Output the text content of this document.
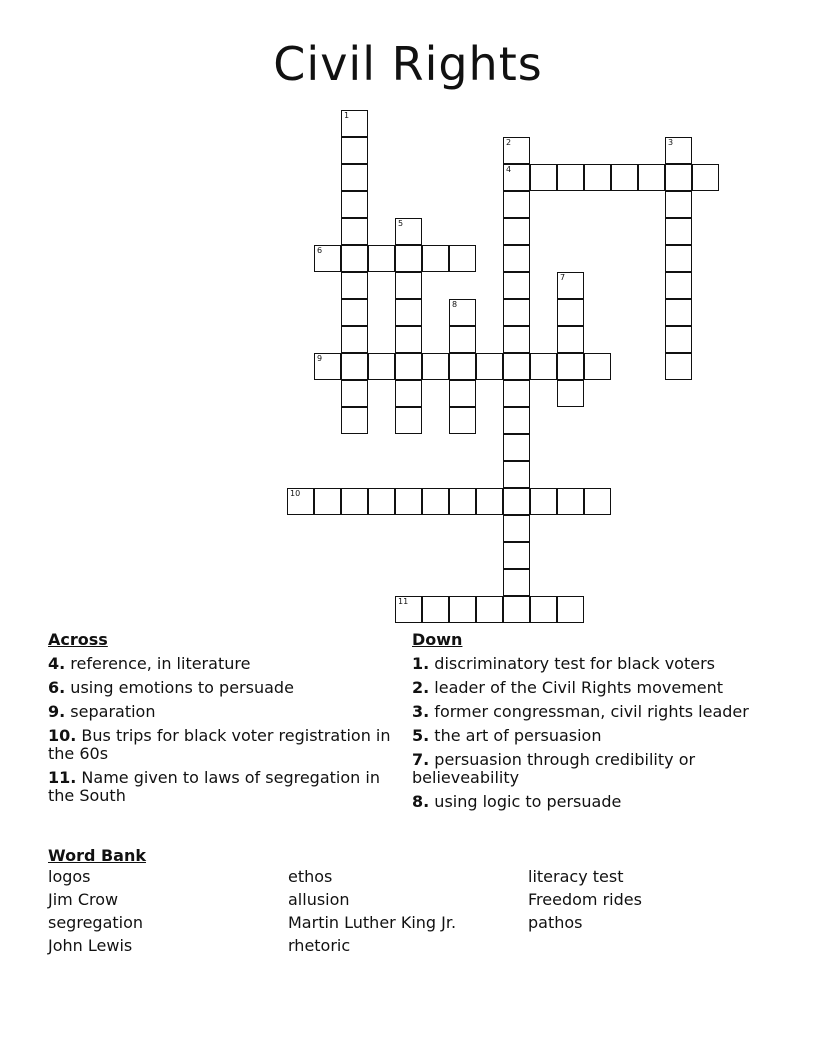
Civil Rights
1
2
4
3
5
6
7
8
9
10
11
Across
4. reference, in literature
6. using emotions to persuade
9. separation
10. Bus trips for black voter registration in the 60s
11. Name given to laws of segregation in the South
Down
1. discriminatory test for black voters
2. leader of the Civil Rights movement
3. former congressman, civil rights leader
5. the art of persuasion
7. persuasion through credibility or believeability
8. using logic to persuade
Word Bank
logos	ethos	literacy test
Jim Crow	allusion	Freedom rides
segregation	Martin Luther King Jr.	pathos
John Lewis	rhetoric
